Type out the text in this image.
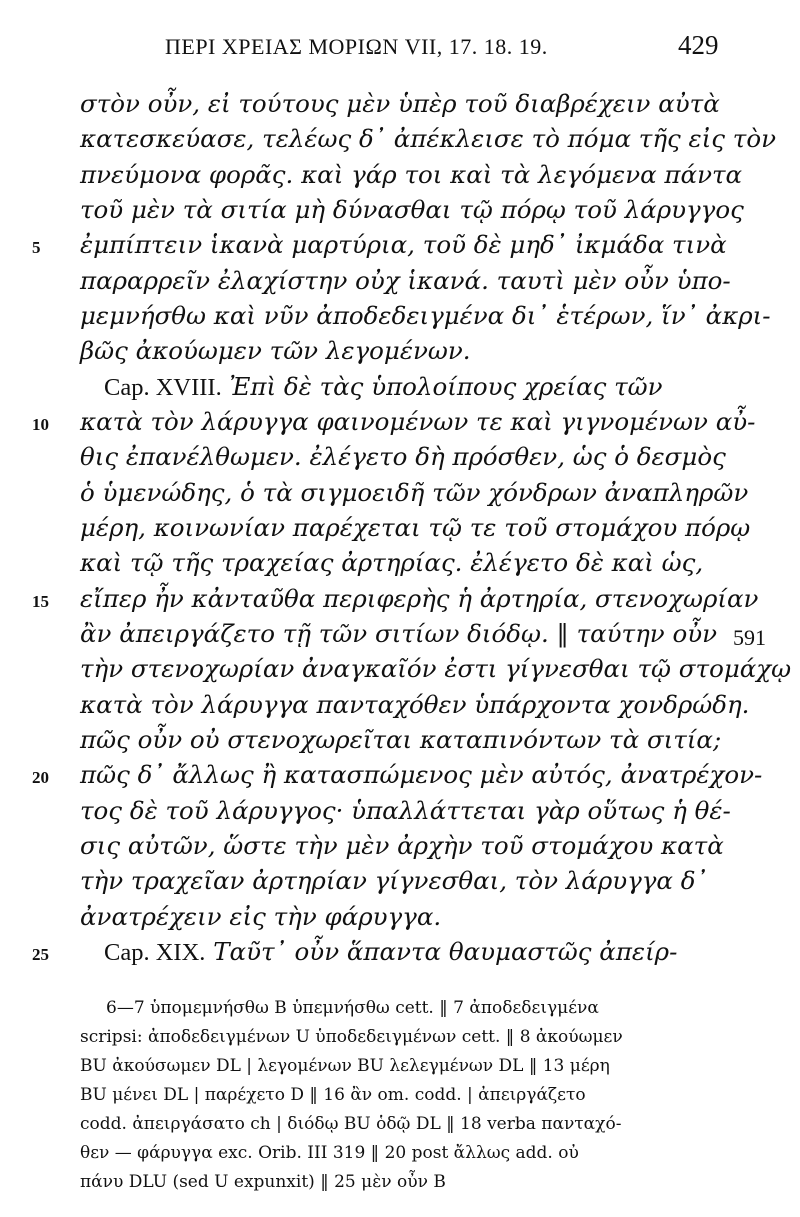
ΠΕΡΙ ΧΡΕΙΑΣ ΜΟΡΙΩΝ VII, 17. 18. 19.	429
στὸν οὖν, εἰ τούτους μὲν ὑπὲρ τοῦ διαβρέχειν αὐτὰ
κατεσκεύασε, τελέως δ᾽ ἀπέκλεισε τὸ πόμα τῆς εἰς τὸν
πνεύμονα φορᾶς. καὶ γάρ τοι καὶ τὰ λεγόμενα πάντα
τοῦ μὲν τὰ σιτία μὴ δύνασθαι τῷ πόρῳ τοῦ λάρυγγος
5 ἐμπίπτειν ἱκανὰ μαρτύρια, τοῦ δὲ μηδ᾽ ἰκμάδα τινὰ
παραρρεῖν ἐλαχίστην οὐχ ἱκανά. ταυτὶ μὲν οὖν ὑπο-
μεμνήσθω καὶ νῦν ἀποδεδειγμένα δι᾽ ἑτέρων, ἵν᾽ ἀκρι-
βῶς ἀκούωμεν τῶν λεγομένων.
Cap. XVIII. Ἐπὶ δὲ τὰς ὑπολοίπους χρείας τῶν
10 κατὰ τὸν λάρυγγα φαινομένων τε καὶ γιγνομένων αὖ-
θις ἐπανέλθωμεν. ἐλέγετο δὴ πρόσθεν, ὡς ὁ δεσμὸς
ὁ ὑμενώδης, ὁ τὰ σιγμοειδῆ τῶν χόνδρων ἀναπληρῶν
μέρη, κοινωνίαν παρέχεται τῷ τε τοῦ στομάχου πόρῳ
καὶ τῷ τῆς τραχείας ἀρτηρίας. ἐλέγετο δὲ καὶ ὡς,
15 εἴπερ ἦν κἀνταῦθα περιφερὴς ἡ ἀρτηρία, στενοχωρίαν
ἂν ἀπειργάζετο τῇ τῶν σιτίων διόδῳ. ‖ ταύτην οὖν 591
τὴν στενοχωρίαν ἀναγκαῖόν ἐστι γίγνεσθαι τῷ στομάχῳ
κατὰ τὸν λάρυγγα πανταχόθεν ὑπάρχοντα χονδρώδη.
πῶς οὖν οὐ στενοχωρεῖται καταπινόντων τὰ σιτία;
20 πῶς δ᾽ ἄλλως ἢ κατασπώμενος μὲν αὐτός, ἀνατρέχον-
τος δὲ τοῦ λάρυγγος· ὑπαλλάττεται γὰρ οὕτως ἡ θέ-
σις αὐτῶν, ὥστε τὴν μὲν ἀρχὴν τοῦ στομάχου κατὰ
τὴν τραχεῖαν ἀρτηρίαν γίγνεσθαι, τὸν λάρυγγα δ᾽
ἀνατρέχειν εἰς τὴν φάρυγγα.
25 Cap. XIX. Ταῦτ᾽ οὖν ἅπαντα θαυμαστῶς ἀπείρ-
6—7 ὑπομεμνήσθω B ὑπεμνήσθω cett. ‖ 7 ἀποδεδειγμένα
scripsi: ἀποδεδειγμένων U ὑποδεδειγμένων cett. ‖ 8 ἀκούωμεν
BU ἀκούσωμεν DL | λεγομένων BU λελεγμένων DL ‖ 13 μέρη
BU μένει DL | παρέχετο D ‖ 16 ἂν om. codd. | ἀπειργάζετο
codd. ἀπειργάσατο ch | διόδῳ BU ὁδῷ DL ‖ 18 verba πανταχό-
θεν — φάρυγγα exc. Orib. III 319 ‖ 20 post ἄλλως add. οὐ
πάνυ DLU (sed U expunxit) ‖ 25 μὲν οὖν B
